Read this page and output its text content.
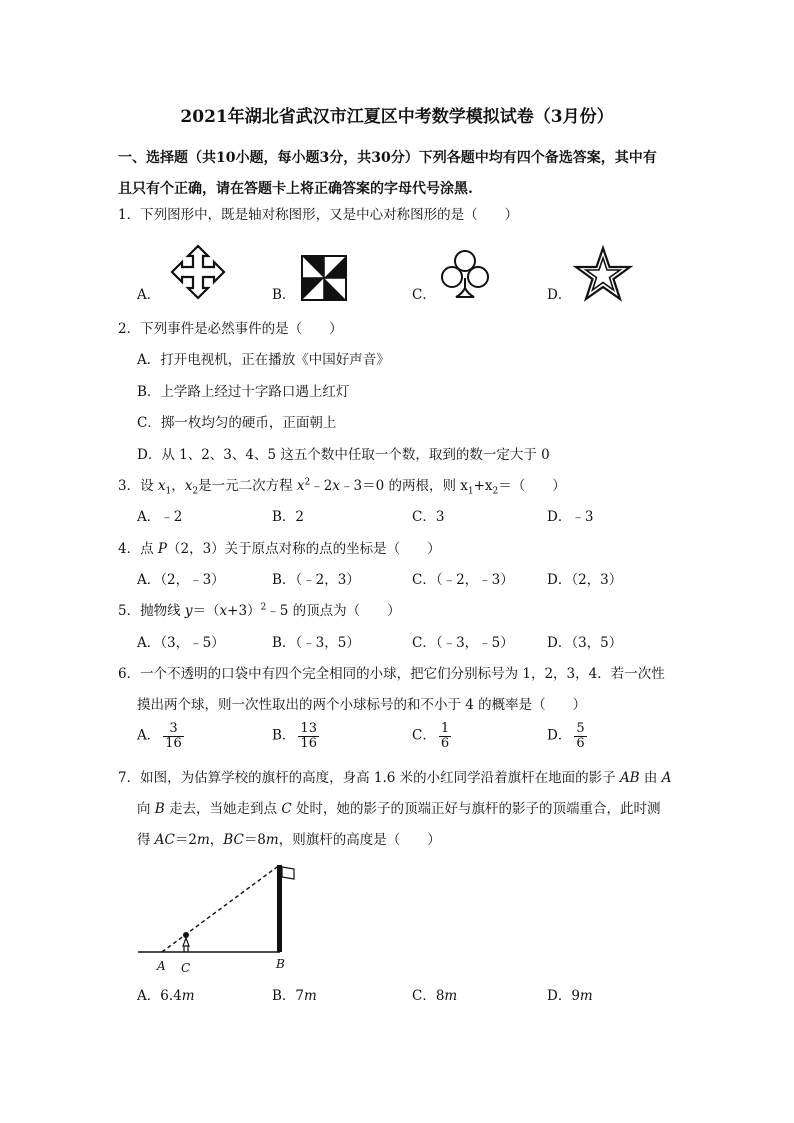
2021年湖北省武汉市江夏区中考数学模拟试卷（3月份）
一、选择题（共10小题，每小题3分，共30分）下列各题中均有四个备选答案，其中有
且只有个正确，请在答题卡上将正确答案的字母代号涂黑.
1．下列图形中，既是轴对称图形，又是中心对称图形的是（　　）
A．	B．	C．	D．
2．下列事件是必然事件的是（　　）
A．打开电视机，正在播放《中国好声音》
B．上学路上经过十字路口遇上红灯
C．掷一枚均匀的硬币，正面朝上
D．从 1、2、3、4、5 这五个数中任取一个数，取到的数一定大于 0
3．设 $x_1$，$x_2$是一元二次方程 $x^2﹣2x﹣3=0$ 的两根，则 $x_1+x_2=$（　　）
A．﹣2	B．2	C．3	D．﹣3
4．点 P（2，3）关于原点对称的点的坐标是（　　）
A．（2，﹣3）	B．（﹣2，3）	C．（﹣2，﹣3） D．（2，3）
5．抛物线 $y=(x+3)^2﹣5$ 的顶点为（　　）
A．（3，﹣5）	B．（﹣3，5）	C．（﹣3，﹣5） D．（3，5）
6．一个不透明的口袋中有四个完全相同的小球，把它们分别标号为 1，2，3，4．若一次性
摸出两个球，则一次性取出的两个小球标号的和不小于 4 的概率是（　　）
A． $\frac{3}{16}$	B． $\frac{13}{16}$	C． $\frac{1}{6}$	D． $\frac{5}{6}$
7．如图，为估算学校的旗杆的高度，身高 1.6 米的小红同学沿着旗杆在地面的影子 AB 由 A
向 B 走去，当她走到点 C 处时，她的影子的顶端正好与旗杆的影子的顶端重合，此时测
得 AC＝2m，BC＝8m，则旗杆的高度是（　　）
A C	B
A．6.4m	B．7m	C．8m	D．9m
